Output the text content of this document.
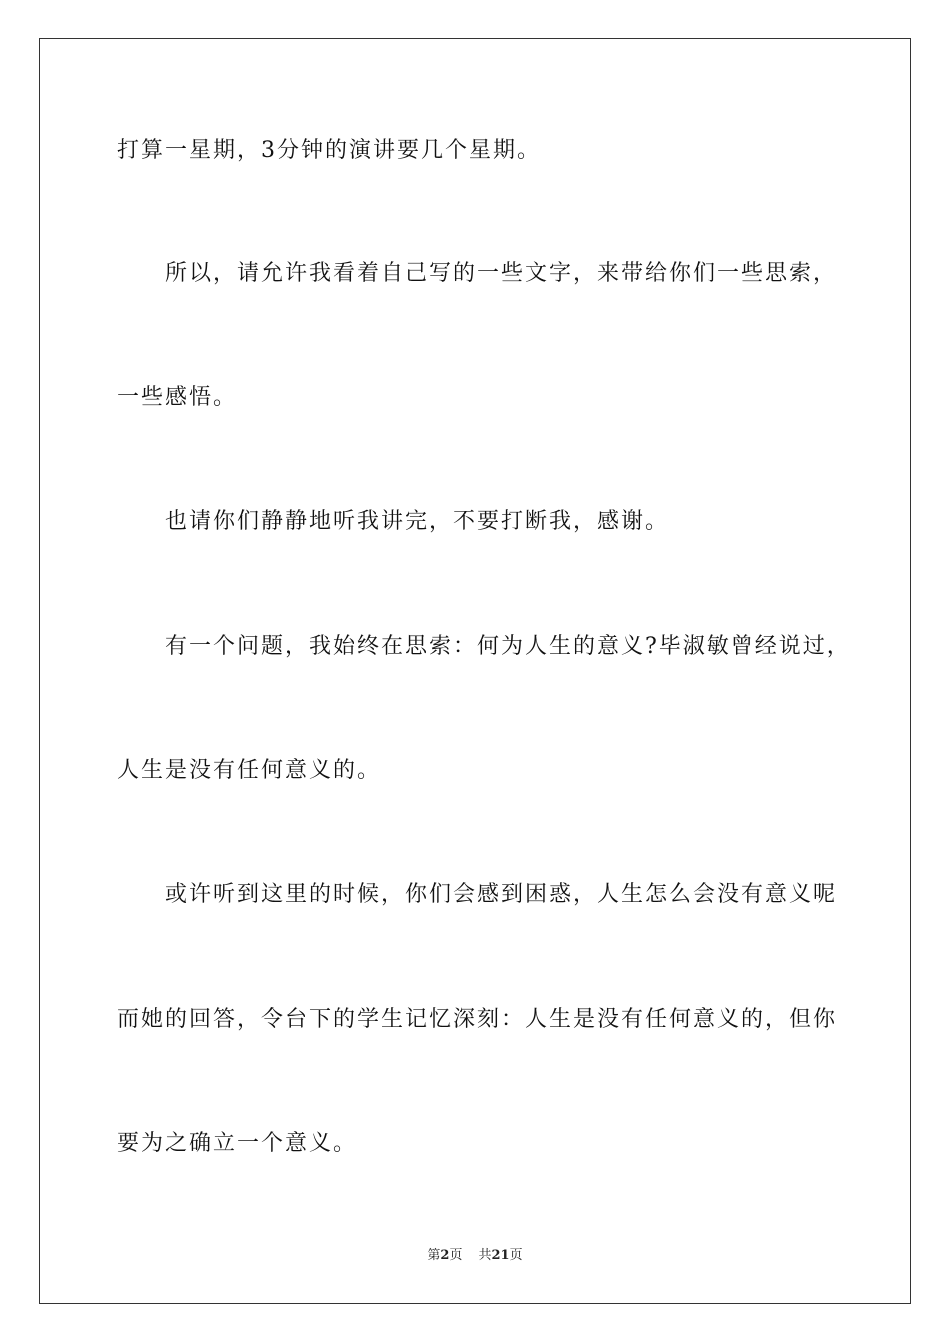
打算一星期，3分钟的演讲要几个星期。
所以，请允许我看着自己写的一些文字，来带给你们一些思索，
一些感悟。
也请你们静静地听我讲完，不要打断我，感谢。
有一个问题，我始终在思索：何为人生的意义?毕淑敏曾经说过，
人生是没有任何意义的。
或许听到这里的时候，你们会感到困惑，人生怎么会没有意义呢
而她的回答，令台下的学生记忆深刻：人生是没有任何意义的，但你
要为之确立一个意义。
第2页 共21页
